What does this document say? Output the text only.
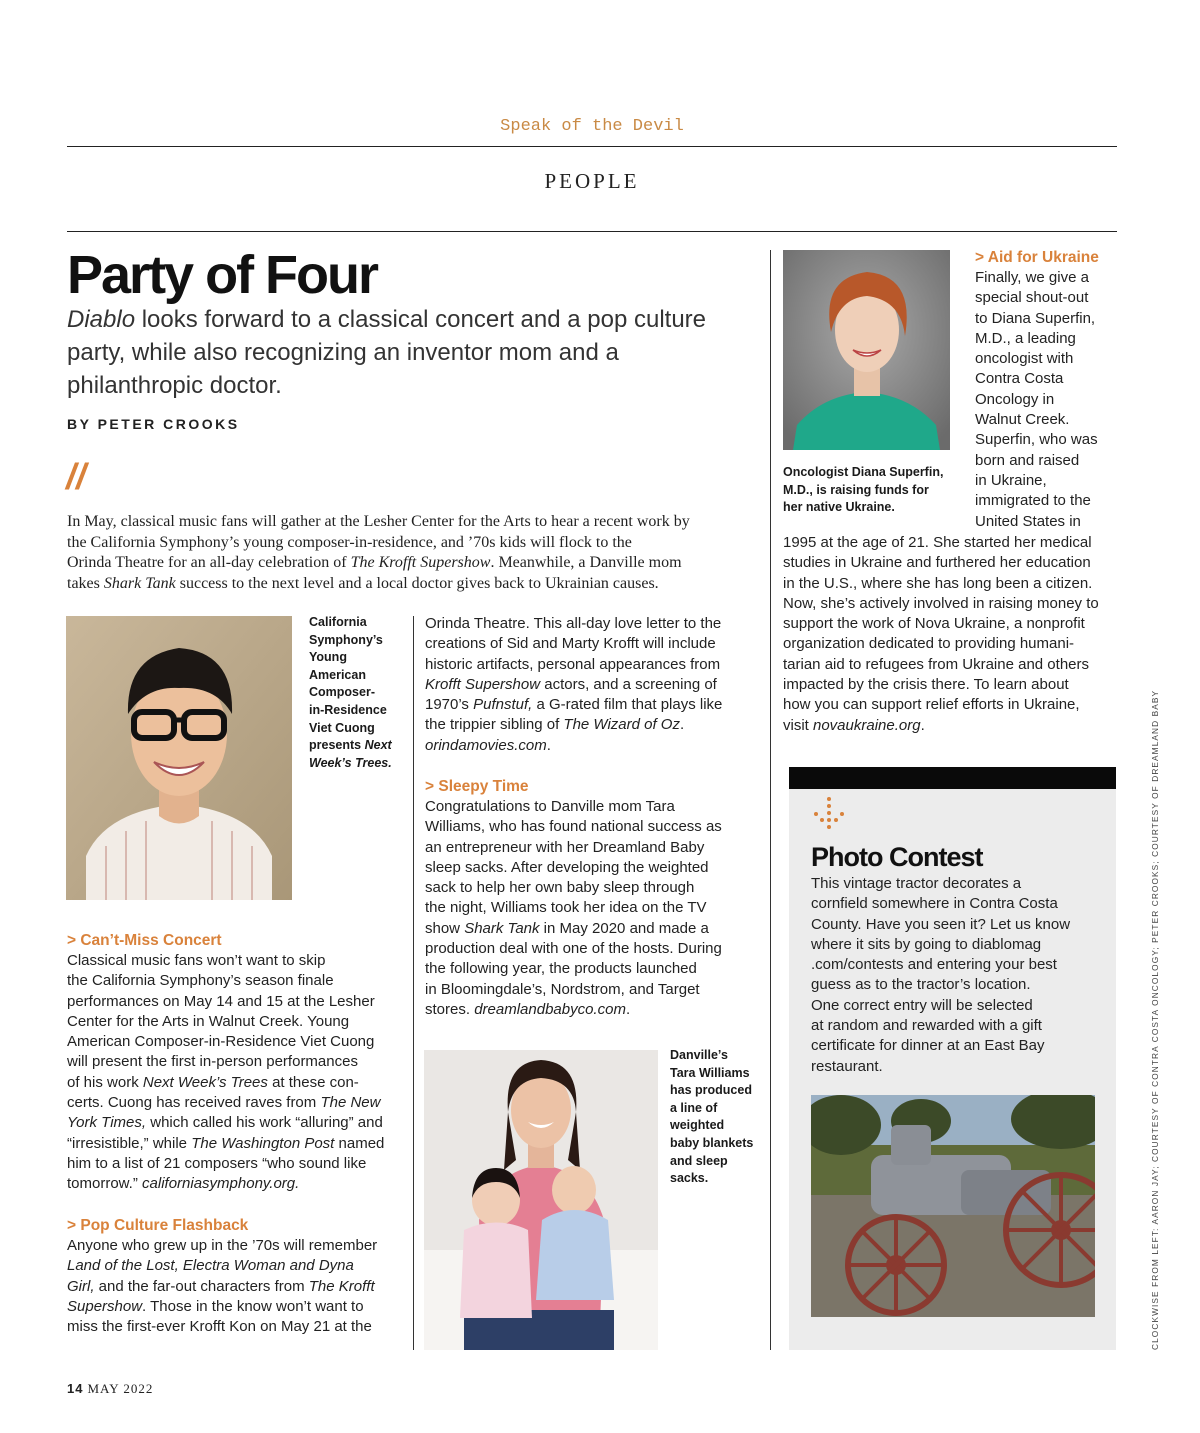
Speak of the Devil
PEOPLE
Party of Four
Diablo looks forward to a classical concert and a pop culture party, while also recognizing an inventor mom and a philanthropic doctor.
BY PETER CROOKS
//
In May, classical music fans will gather at the Lesher Center for the Arts to hear a recent work by
the California Symphony’s young composer-in-residence, and ’70s kids will flock to the
Orinda Theatre for an all-day celebration of The Krofft Supershow. Meanwhile, a Danville mom
takes Shark Tank success to the next level and a local doctor gives back to Ukrainian causes.
California
Symphony’s
Young
American
Composer-
in-Residence
Viet Cuong
presents Next
Week’s Trees.
> Can’t-Miss Concert
Classical music fans won’t want to skip
the California Symphony’s season finale
performances on May 14 and 15 at the Lesher
Center for the Arts in Walnut Creek. Young
American Composer-in-Residence Viet Cuong
will present the first in-person performances
of his work Next Week’s Trees at these con-
certs. Cuong has received raves from The New
York Times, which called his work “alluring” and
“irresistible,” while The Washington Post named
him to a list of 21 composers “who sound like
tomorrow.” californiasymphony.org.
> Pop Culture Flashback
Anyone who grew up in the ’70s will remember
Land of the Lost, Electra Woman and Dyna
Girl, and the far-out characters from The Krofft
Supershow. Those in the know won’t want to
miss the first-ever Krofft Kon on May 21 at the
Orinda Theatre. This all-day love letter to the
creations of Sid and Marty Krofft will include
historic artifacts, personal appearances from
Krofft Supershow actors, and a screening of
1970’s Pufnstuf, a G-rated film that plays like
the trippier sibling of The Wizard of Oz.
orindamovies.com.
> Sleepy Time
Congratulations to Danville mom Tara
Williams, who has found national success as
an entrepreneur with her Dreamland Baby
sleep sacks. After developing the weighted
sack to help her own baby sleep through
the night, Williams took her idea on the TV
show Shark Tank in May 2020 and made a
production deal with one of the hosts. During
the following year, the products launched
in Bloomingdale’s, Nordstrom, and Target
stores. dreamlandbabyco.com.
Danville’s
Tara Williams
has produced
a line of
weighted
baby blankets
and sleep
sacks.
Oncologist Diana Superfin,
M.D., is raising funds for
her native Ukraine.
> Aid for Ukraine
Finally, we give a
special shout-out
to Diana Superfin,
M.D., a leading
oncologist with
Contra Costa
Oncology in
Walnut Creek.
Superfin, who was
born and raised
in Ukraine,
immigrated to the
United States in
1995 at the age of 21. She started her medical
studies in Ukraine and furthered her education
in the U.S., where she has long been a citizen.
Now, she’s actively involved in raising money to
support the work of Nova Ukraine, a nonprofit
organization dedicated to providing humani-
tarian aid to refugees from Ukraine and others
impacted by the crisis there. To learn about
how you can support relief efforts in Ukraine,
visit novaukraine.org.
Photo Contest
This vintage tractor decorates a
cornfield somewhere in Contra Costa
County. Have you seen it? Let us know
where it sits by going to diablomag
.com/contests and entering your best
guess as to the tractor’s location.
One correct entry will be selected
at random and rewarded with a gift
certificate for dinner at an East Bay
restaurant.	CLOCKWISE FROM LEFT: AARON JAY; COURTESY OF CONTRA COSTA ONCOLOGY; PETER CROOKS; COURTESY OF DREAMLAND BABY
14 MAY 2022
